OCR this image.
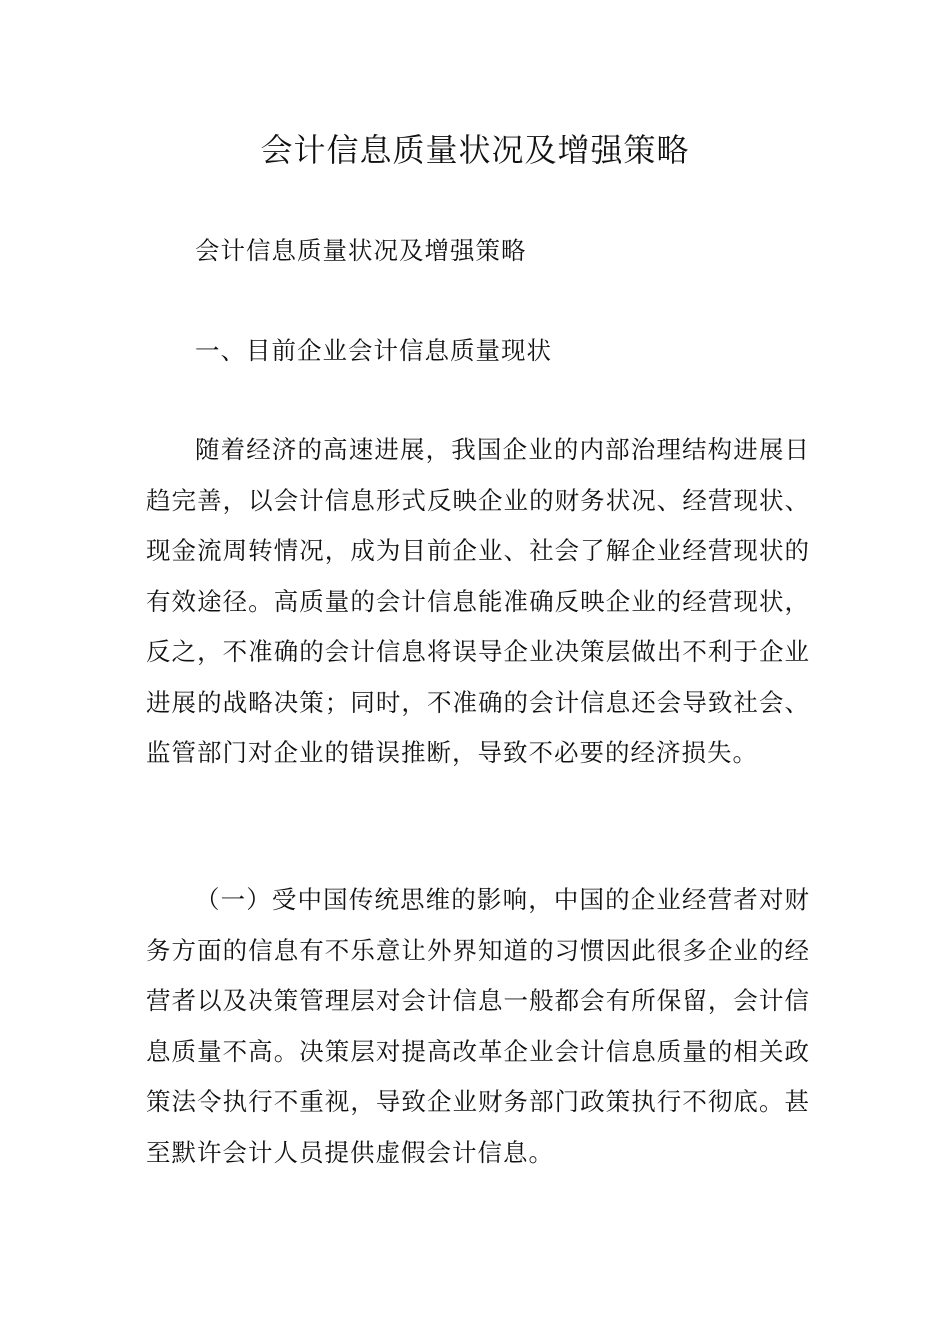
会计信息质量状况及增强策略

会计信息质量状况及增强策略

一、目前企业会计信息质量现状

随着经济的高速进展，我国企业的内部治理结构进展日趋完善，以会计信息形式反映企业的财务状况、经营现状、现金流周转情况，成为目前企业、社会了解企业经营现状的有效途径。高质量的会计信息能准确反映企业的经营现状，反之，不准确的会计信息将误导企业决策层做出不利于企业进展的战略决策；同时，不准确的会计信息还会导致社会、监管部门对企业的错误推断，导致不必要的经济损失。

（一）受中国传统思维的影响，中国的企业经营者对财务方面的信息有不乐意让外界知道的习惯因此很多企业的经营者以及决策管理层对会计信息一般都会有所保留，会计信息质量不高。决策层对提高改革企业会计信息质量的相关政策法令执行不重视，导致企业财务部门政策执行不彻底。甚至默许会计人员提供虚假会计信息。
